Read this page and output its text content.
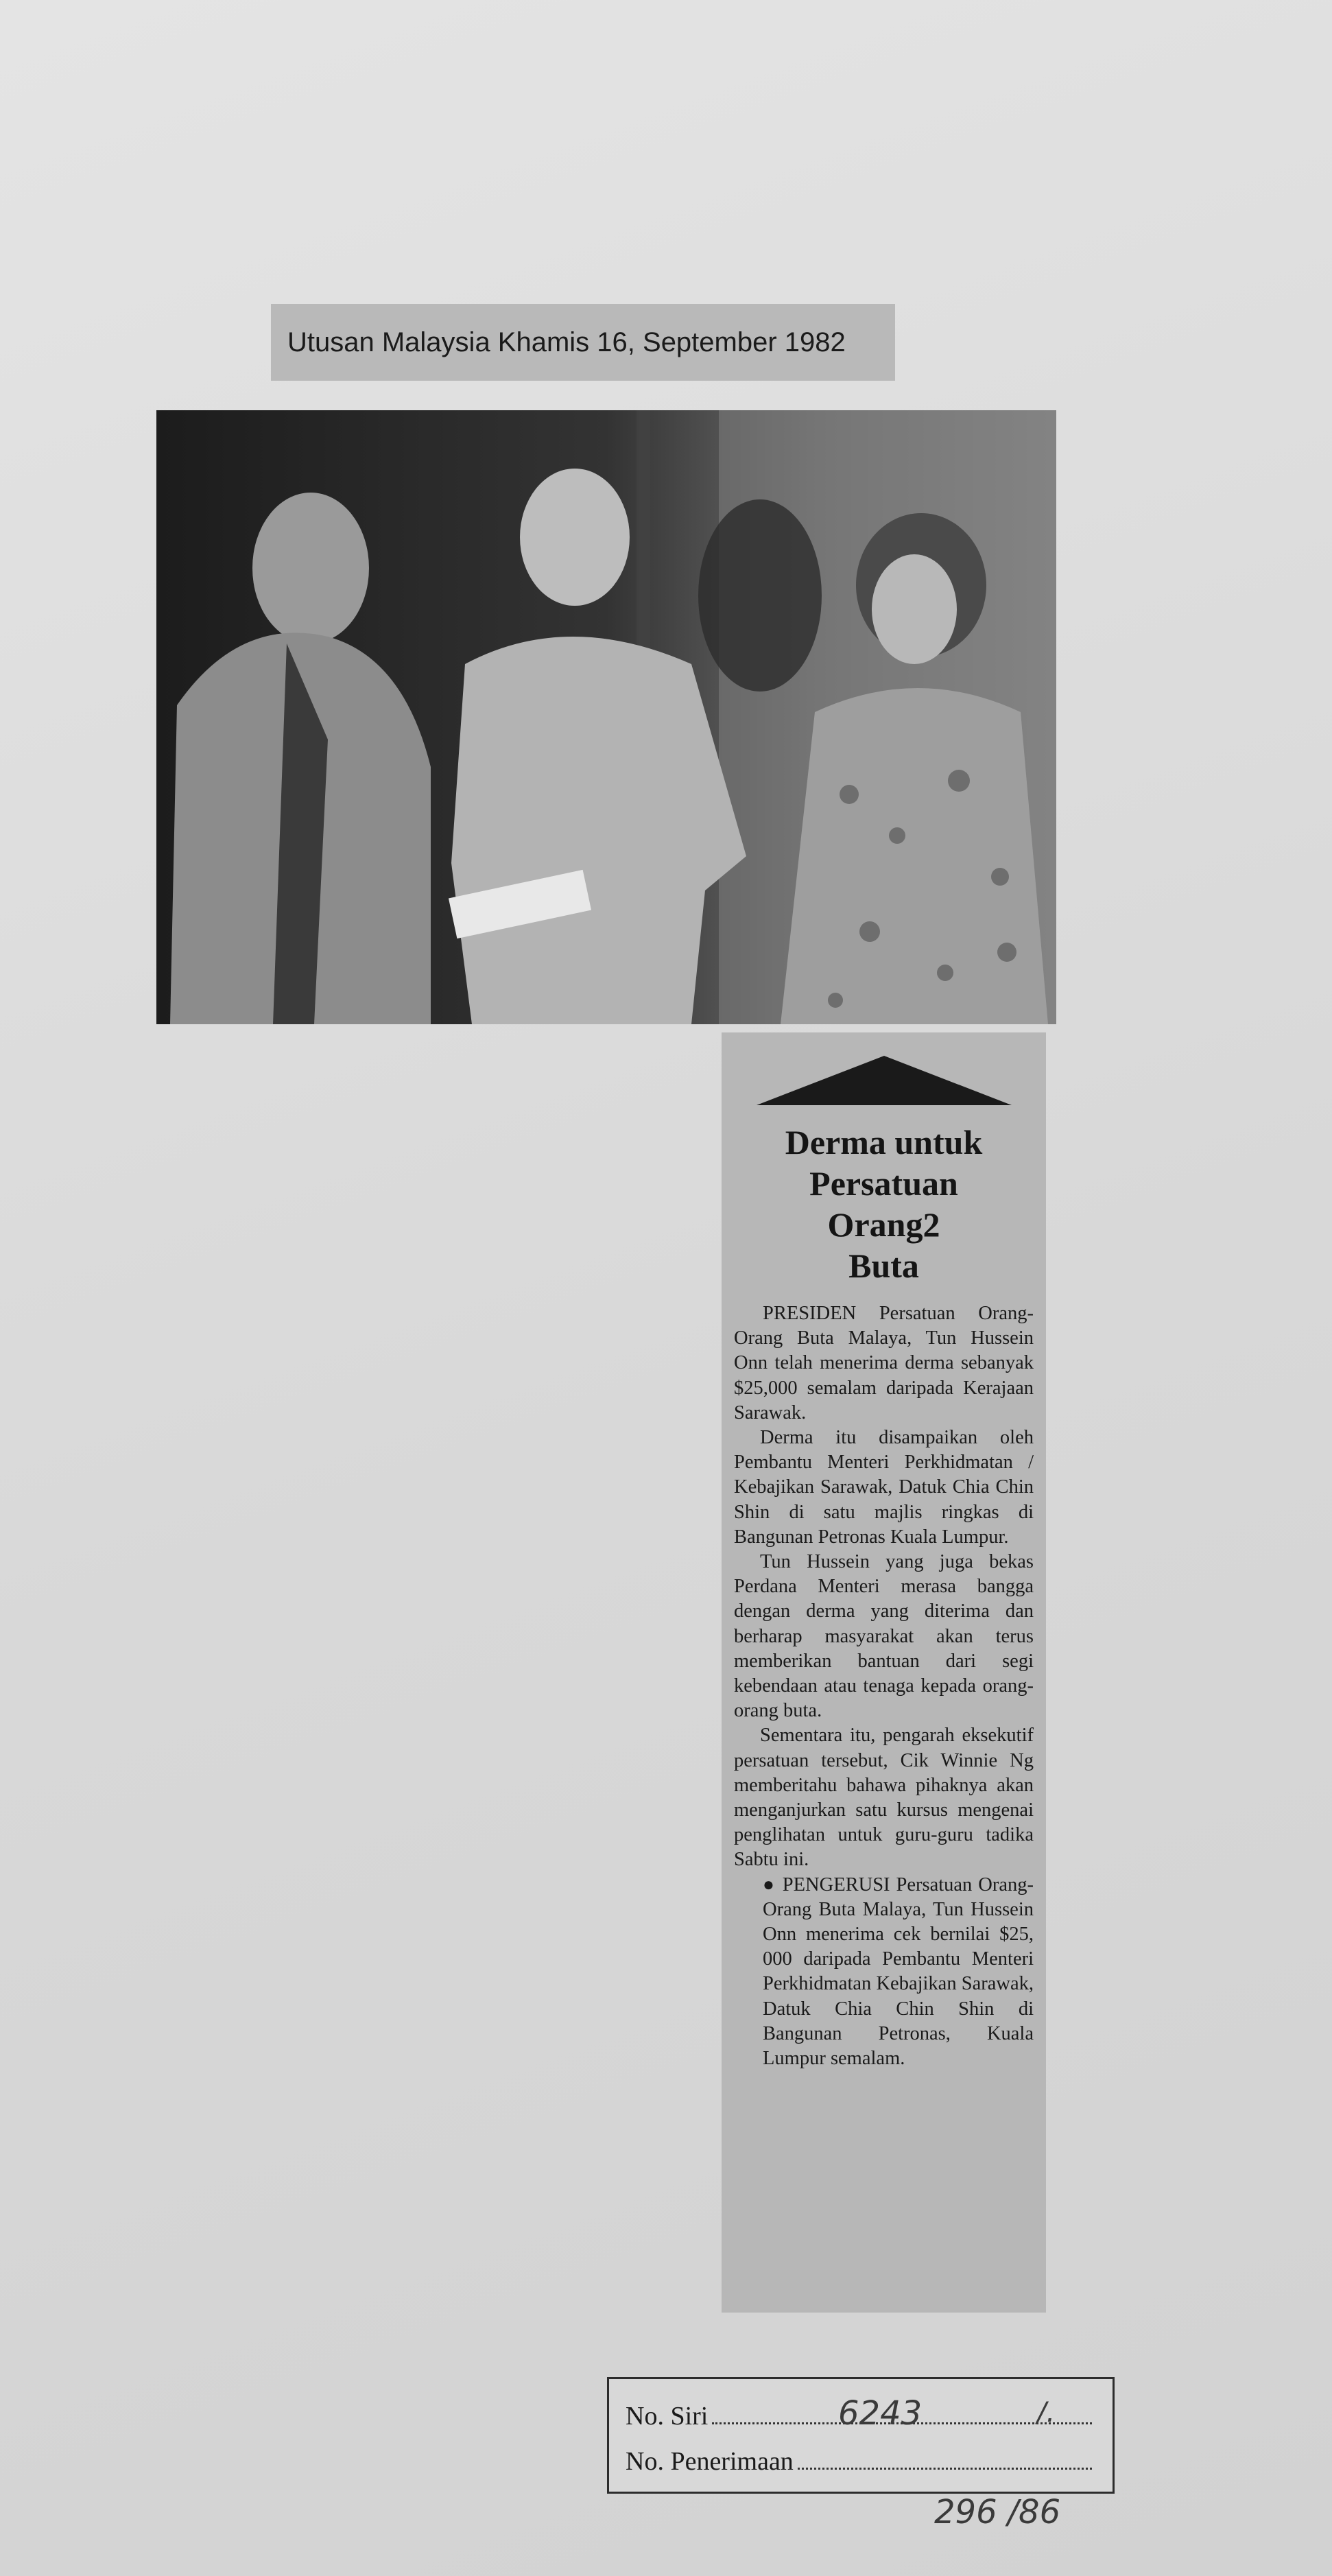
Utusan Malaysia Khamis 16, September 1982
Derma untuk
Persatuan
Orang2
Buta

PRESIDEN Persatuan Orang-Orang Buta Malaya, Tun Hussein Onn telah menerima derma sebanyak $25,000 semalam daripada Kerajaan Sarawak.

Derma itu disampaikan oleh Pembantu Menteri Perkhidmatan / Kebajikan Sarawak, Datuk Chia Chin Shin di satu majlis ringkas di Bangunan Petronas Kuala Lumpur.

Tun Hussein yang juga bekas Perdana Menteri merasa bangga dengan derma yang diterima dan berharap masyarakat akan terus memberikan bantuan dari segi kebendaan atau tenaga kepada orang-orang buta.

Sementara itu, pengarah eksekutif persatuan tersebut, Cik Winnie Ng memberitahu bahawa pihaknya akan menganjurkan satu kursus mengenai penglihatan untuk guru-guru tadika Sabtu ini.

● PENGERUSI Persatuan Orang-Orang Buta Malaya, Tun Hussein Onn menerima cek bernilai $25, 000 daripada Pembantu Menteri Perkhidmatan Kebajikan Sarawak, Datuk Chia Chin Shin di Bangunan Petronas, Kuala Lumpur semalam.

No. Siri	6243	/.
No. Penerimaan
296 /86
